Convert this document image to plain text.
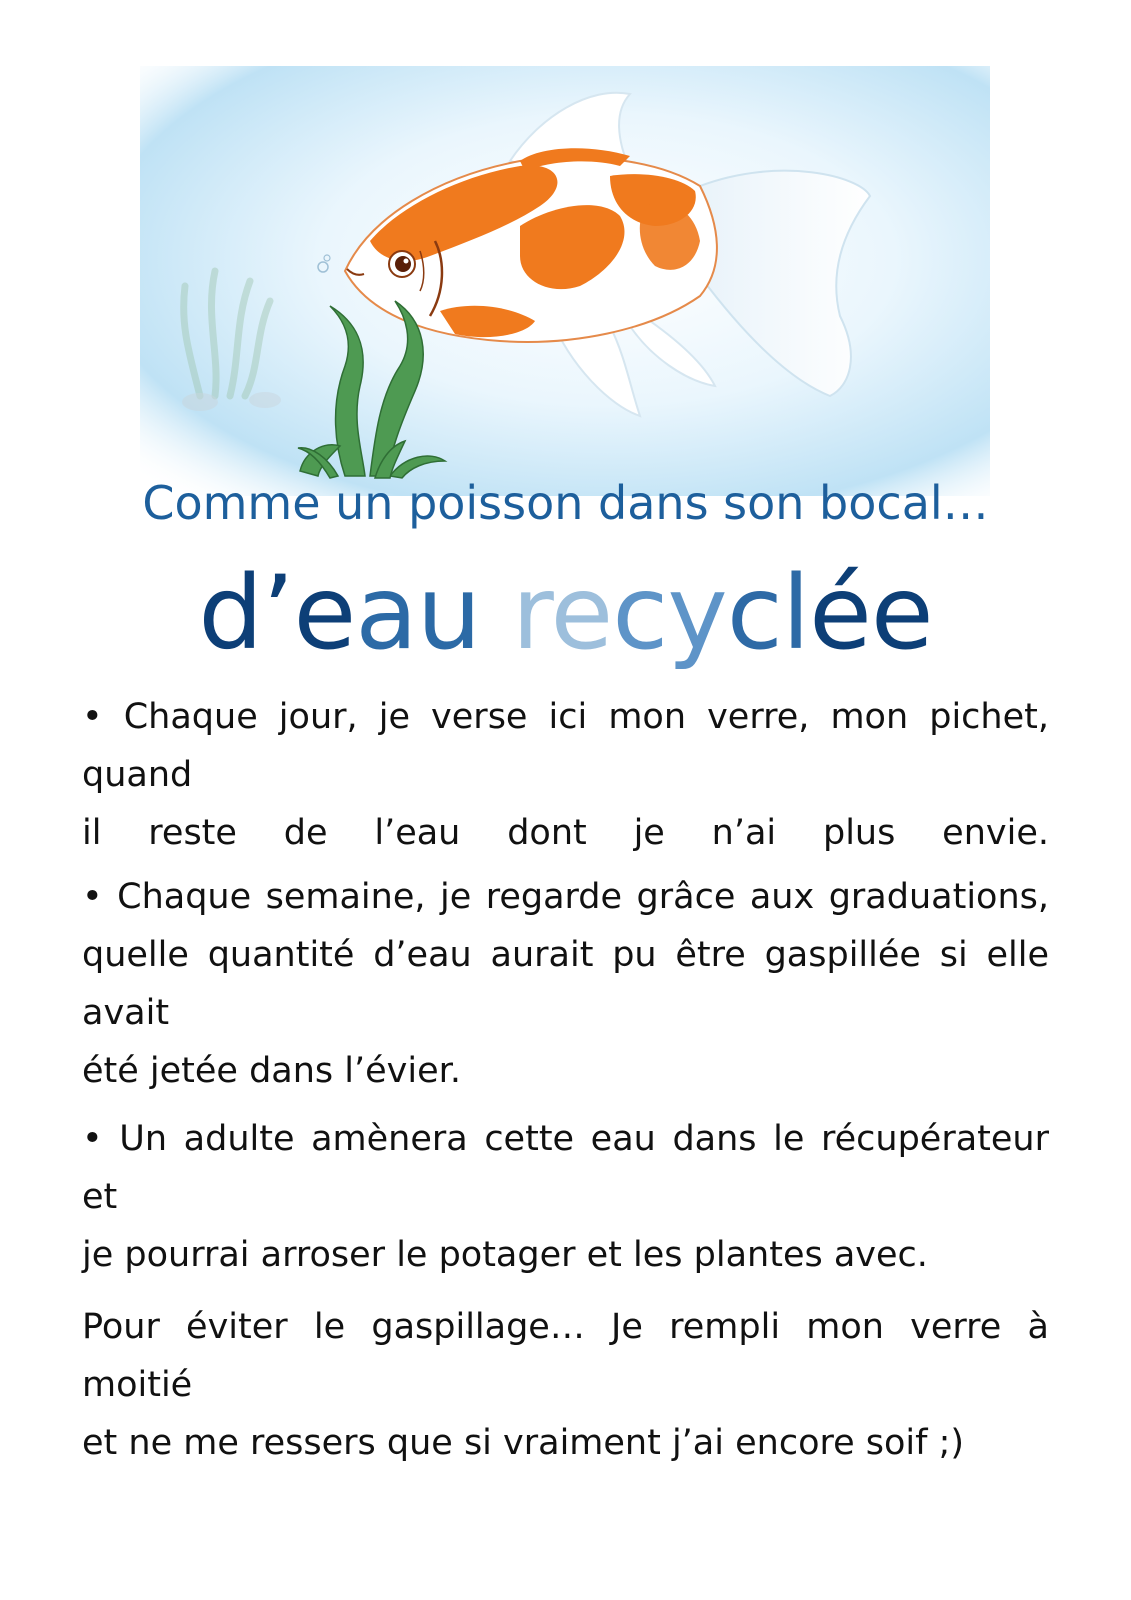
Comme un poisson dans son bocal…
d’eau recyclée
• Chaque jour, je verse ici mon verre, mon pichet, quand
il reste de l’eau dont je n’ai plus envie.
• Chaque semaine, je regarde grâce aux graduations,
quelle quantité d’eau aurait pu être gaspillée si elle avait
été jetée dans l’évier.
• Un adulte amènera cette eau dans le récupérateur et
je pourrai arroser le potager et les plantes avec.
Pour éviter le gaspillage… Je rempli mon verre à moitié
et ne me ressers que si vraiment j’ai encore soif ;)
